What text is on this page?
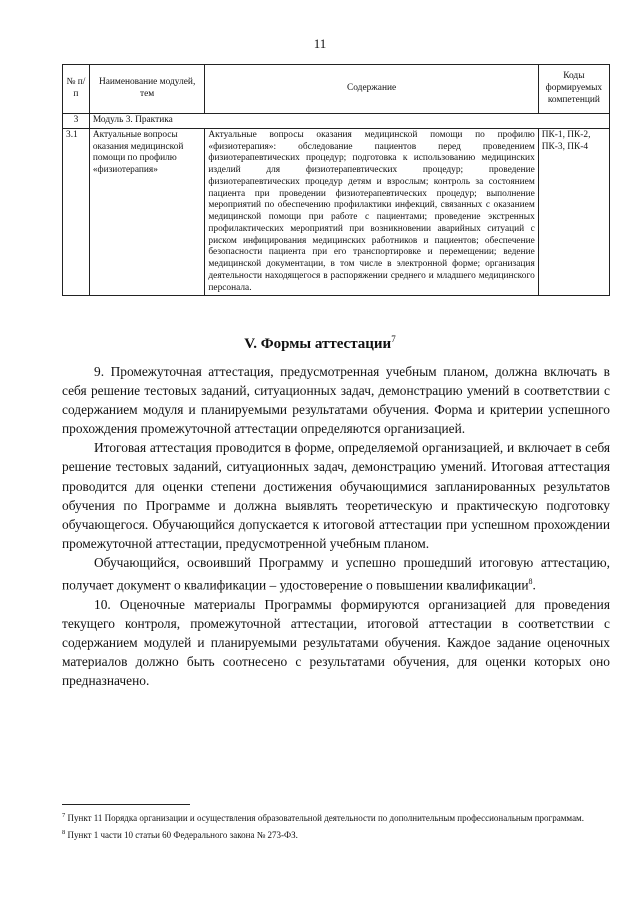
11
№ п/п	Наименование модулей, тем	Содержание	Коды формируемых компетенций
3	Модуль 3. Практика		
3.1	Актуальные вопросы оказания медицинской помощи по профилю «физиотерапия»	Актуальные вопросы оказания медицинской помощи по профилю «физиотерапия»: обследование пациентов перед проведением физиотерапевтических процедур; подготовка к использованию медицинских изделий для физиотерапевтических процедур; проведение физиотерапевтических процедур детям и взрослым; контроль за состоянием пациента при проведении физиотерапевтических процедур; выполнение мероприятий по обеспечению профилактики инфекций, связанных с оказанием медицинской помощи при работе с пациентами; проведение экстренных профилактических мероприятий при возникновении аварийных ситуаций с риском инфицирования медицинских работников и пациентов; обеспечение безопасности пациента при его транспортировке и перемещении; ведение медицинской документации, в том числе в электронной форме; организация деятельности находящегося в распоряжении среднего и младшего медицинского персонала.	ПК-1, ПК-2, ПК-3, ПК-4
V. Формы аттестации$^7$

9. Промежуточная аттестация, предусмотренная учебным планом, должна включать в себя решение тестовых заданий, ситуационных задач, демонстрацию умений в соответствии с содержанием модуля и планируемыми результатами обучения. Форма и критерии успешного прохождения промежуточной аттестации определяются организацией.

Итоговая аттестация проводится в форме, определяемой организацией, и включает в себя решение тестовых заданий, ситуационных задач, демонстрацию умений. Итоговая аттестация проводится для оценки степени достижения обучающимися запланированных результатов обучения по Программе и должна выявлять теоретическую и практическую подготовку обучающегося. Обучающийся допускается к итоговой аттестации при успешном прохождении промежуточной аттестации, предусмотренной учебным планом.

Обучающийся, освоивший Программу и успешно прошедший итоговую аттестацию, получает документ о квалификации – удостоверение о повышении квалификации$^8$.

10. Оценочные материалы Программы формируются организацией для проведения текущего контроля, промежуточной аттестации, итоговой аттестации в соответствии с содержанием модулей и планируемыми результатами обучения. Каждое задание оценочных материалов должно быть соотнесено с результатами обучения, для оценки которых оно предназначено.

$^7$ Пункт 11 Порядка организации и осуществления образовательной деятельности по дополнительным профессиональным программам.

$^8$ Пункт 1 части 10 статьи 60 Федерального закона № 273-ФЗ.
